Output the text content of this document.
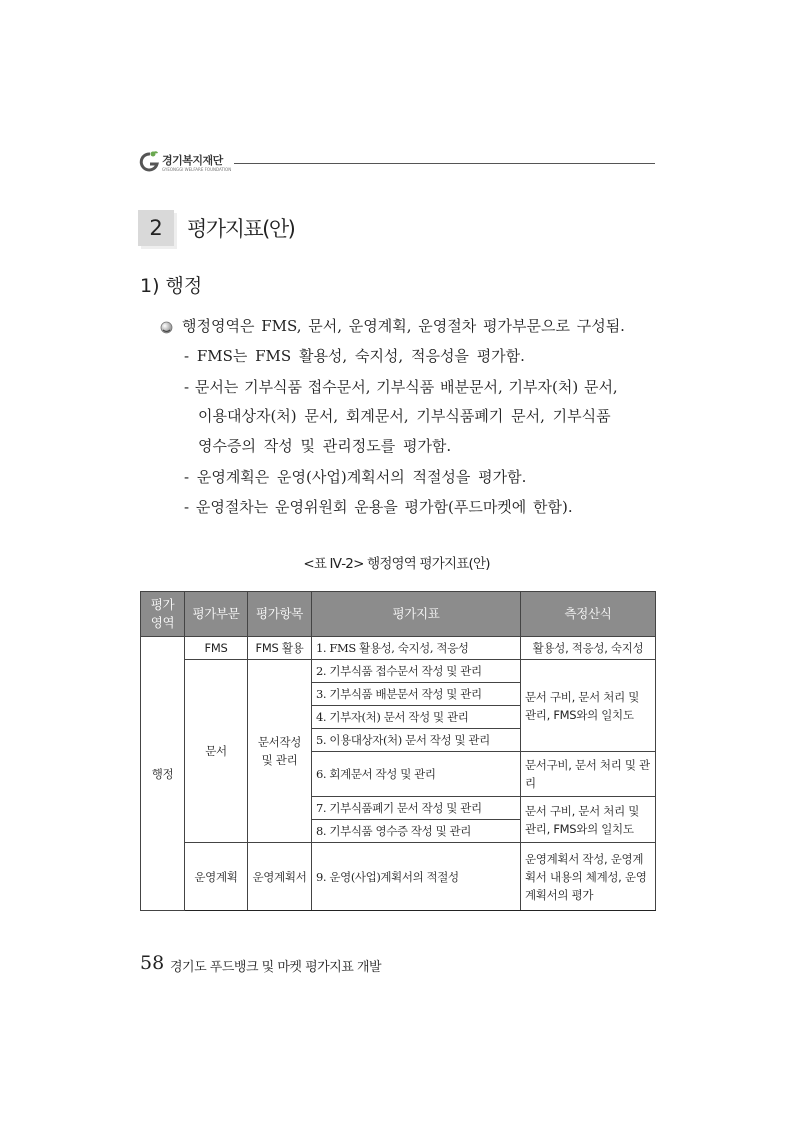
경기복지재단
GYEONGGI WELFARE FOUNDATION
2	평가지표(안)
1) 행정
행정영역은 FMS, 문서, 운영계획, 운영절차 평가부문으로 구성됨.
- FMS는 FMS 활용성, 숙지성, 적응성을 평가함.
- 문서는 기부식품 접수문서, 기부식품 배분문서, 기부자(처) 문서,
이용대상자(처) 문서, 회계문서, 기부식품폐기 문서, 기부식품
영수증의 작성 및 관리정도를 평가함.
- 운영계획은 운영(사업)계획서의 적절성을 평가함.
- 운영절차는 운영위원회 운용을 평가함(푸드마켓에 한함).
<표 Ⅳ-2> 행정영역 평가지표(안)
평가
영역	평가부문	평가항목	평가지표	측정산식
행정	FMS	FMS 활용	1. FMS 활용성, 숙지성, 적응성	활용성, 적응성, 숙지성
	문서	문서작성 및 관리	2. 기부식품 접수문서 작성 및 관리	문서 구비, 문서 처리 및 관리, FMS와의 일치도
			3. 기부식품 배분문서 작성 및 관리	
			4. 기부자(처) 문서 작성 및 관리	
			5. 이용대상자(처) 문서 작성 및 관리	
			6. 회계문서 작성 및 관리	문서구비, 문서 처리 및 관리
			7. 기부식품폐기 문서 작성 및 관리	문서 구비, 문서 처리 및 관리, FMS와의 일치도
			8. 기부식품 영수증 작성 및 관리	
	운영계획	운영계획서	9. 운영(사업)계획서의 적절성	운영계획서 작성, 운영계획서 내용의 체계성, 운영계획서의 평가
58 경기도 푸드뱅크 및 마켓 평가지표 개발
